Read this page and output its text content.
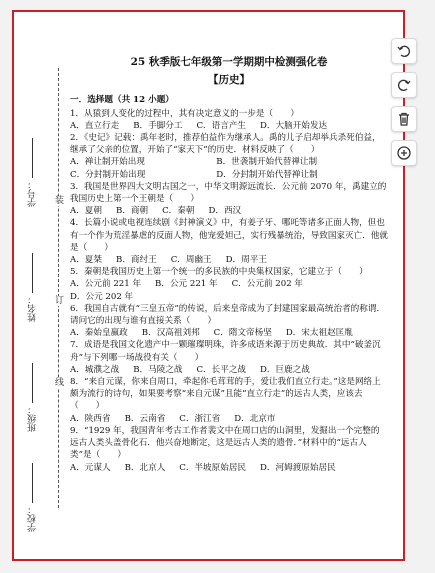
装
订
线
学号：
姓名：
班级：
学校：
25 秋季版七年级第一学期期中检测强化卷
【历史】
一．选择题（共 12 小题）

1．从猿到人变化的过程中，其有决定意义的一步是（　　）

A．直立行走 B．手脚分工 C．语言产生 D．大脑开始发达

2．《史记》记载：禹年老时，推荐伯益作为继承人。禹的儿子启却举兵杀死伯益，继承了父亲的位置，开始了“家天下”的历史．材料反映了（　　）

A．禅让制开始出现	B．世袭制开始代替禅让制
C．分封制开始出现	D．分封制开始代替禅让制

3．我国是世界四大文明古国之一，中华文明源远流长．公元前 2070 年，禹建立的我国历史上第一个王朝是（　　）

A．夏朝 B．商朝 C．秦朝 D．西汉

4．长篇小说或电视连续剧《封神演义》中，有姜子牙、哪吒等诸多正面人物，但也有一个作为荒淫暴虐的反面人物，他宠爱妲己，实行残暴统治，导致国家灭亡．他就是（　　）

A．夏桀 B．商纣王 C．周幽王 D．周平王

5．秦朝是我国历史上第一个统一的多民族的中央集权国家，它建立于（　　）

A．公元前 221 年 B．公元 221 年 C．公元前 202 年
D．公元 202 年

6．我国自古就有“三皇五帝”的传说，后来皇帝成为了封建国家最高统治者的称谓．请问它的出现与谁有直接关系（　　）

A．秦始皇嬴政 B．汉高祖刘邦 C．隋文帝杨坚 D．宋太祖赵匡胤

7．成语是我国文化遗产中一颗璀璨明珠，许多成语来源于历史典故．其中“破釜沉舟”与下列哪一场战役有关（　　）

A．城濮之战 B．马陵之战 C．长平之战 D．巨鹿之战

8．“来自元谋，你来自周口，牵起你毛茸茸的手，爱让我们直立行走。”这是网络上颇为流行的诗句，如果要考察“来自元谋”且能“直立行走”的远古人类，应该去（　　）

A．陕西省 B．云南省 C．浙江省 D．北京市

9．“1929 年，我国青年考古工作者裴文中在周口店的山洞里，发掘出一个完整的远古人类头盖骨化石．他兴奋地断定，这是远古人类的遗骨．”材料中的“远古人类”是（　　）

A．元谋人 B．北京人 C．半坡原始居民 D．河姆渡原始居民
